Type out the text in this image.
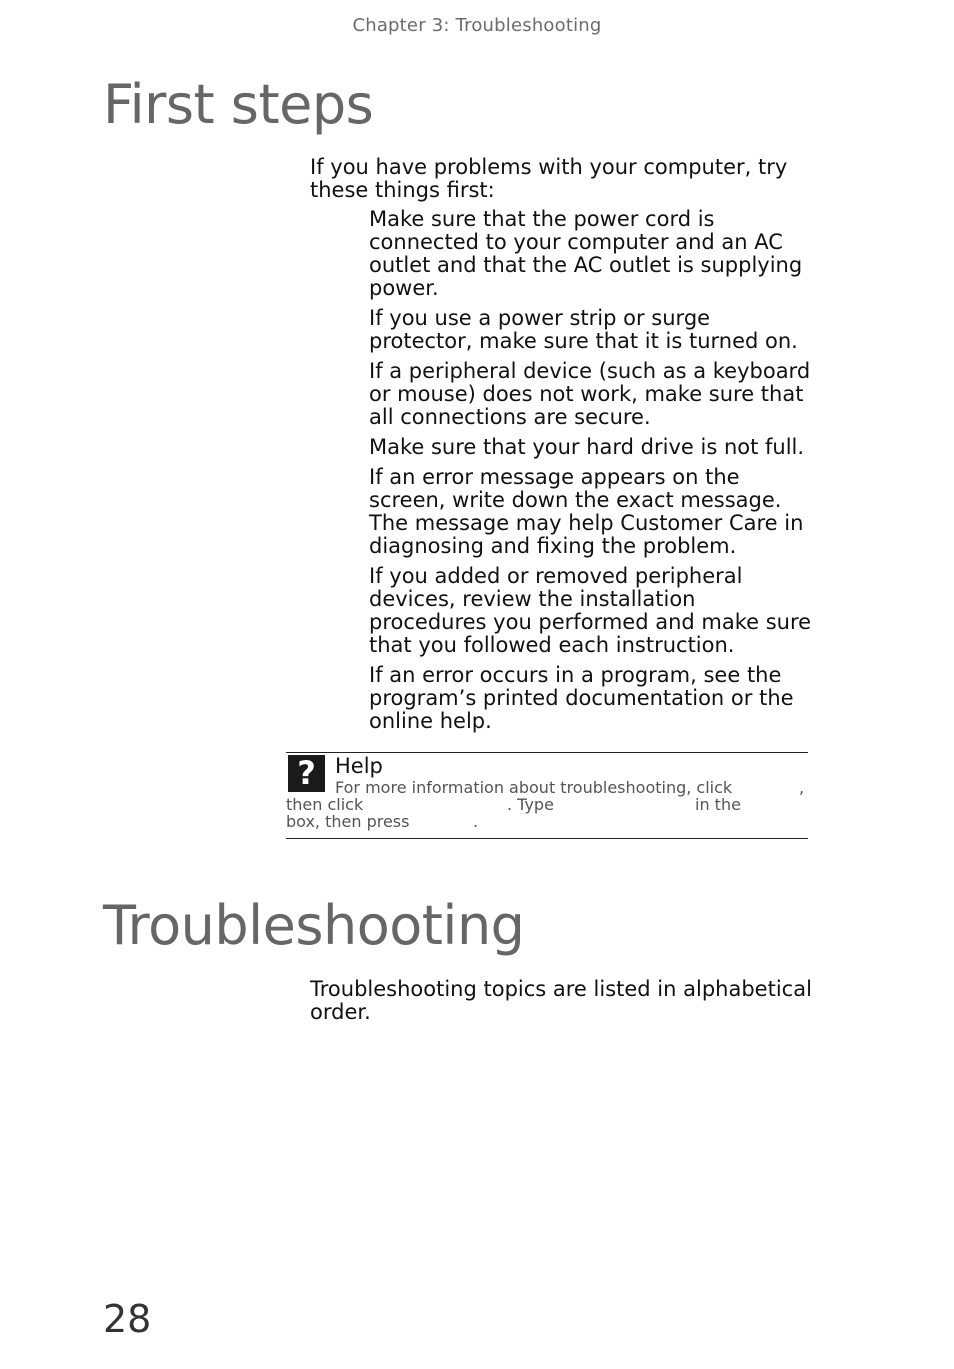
Chapter 3: Troubleshooting
First steps

If you have problems with your computer, try these things first:

Make sure that the power cord is connected to your computer and an AC outlet and that the AC outlet is supplying power.
If you use a power strip or surge protector, make sure that it is turned on.
If a peripheral device (such as a keyboard or mouse) does not work, make sure that all connections are secure.
Make sure that your hard drive is not full.
If an error message appears on the screen, write down the exact message. The message may help Customer Care in diagnosing and fixing the problem.
If you added or removed peripheral devices, review the installation procedures you performed and make sure that you followed each instruction.
If an error occurs in a program, see the program’s printed documentation or the online help.
? Help
For more information about troubleshooting, click	,
then click	. Type	in the
box, then press	.
Troubleshooting

Troubleshooting topics are listed in alphabetical order.

28
